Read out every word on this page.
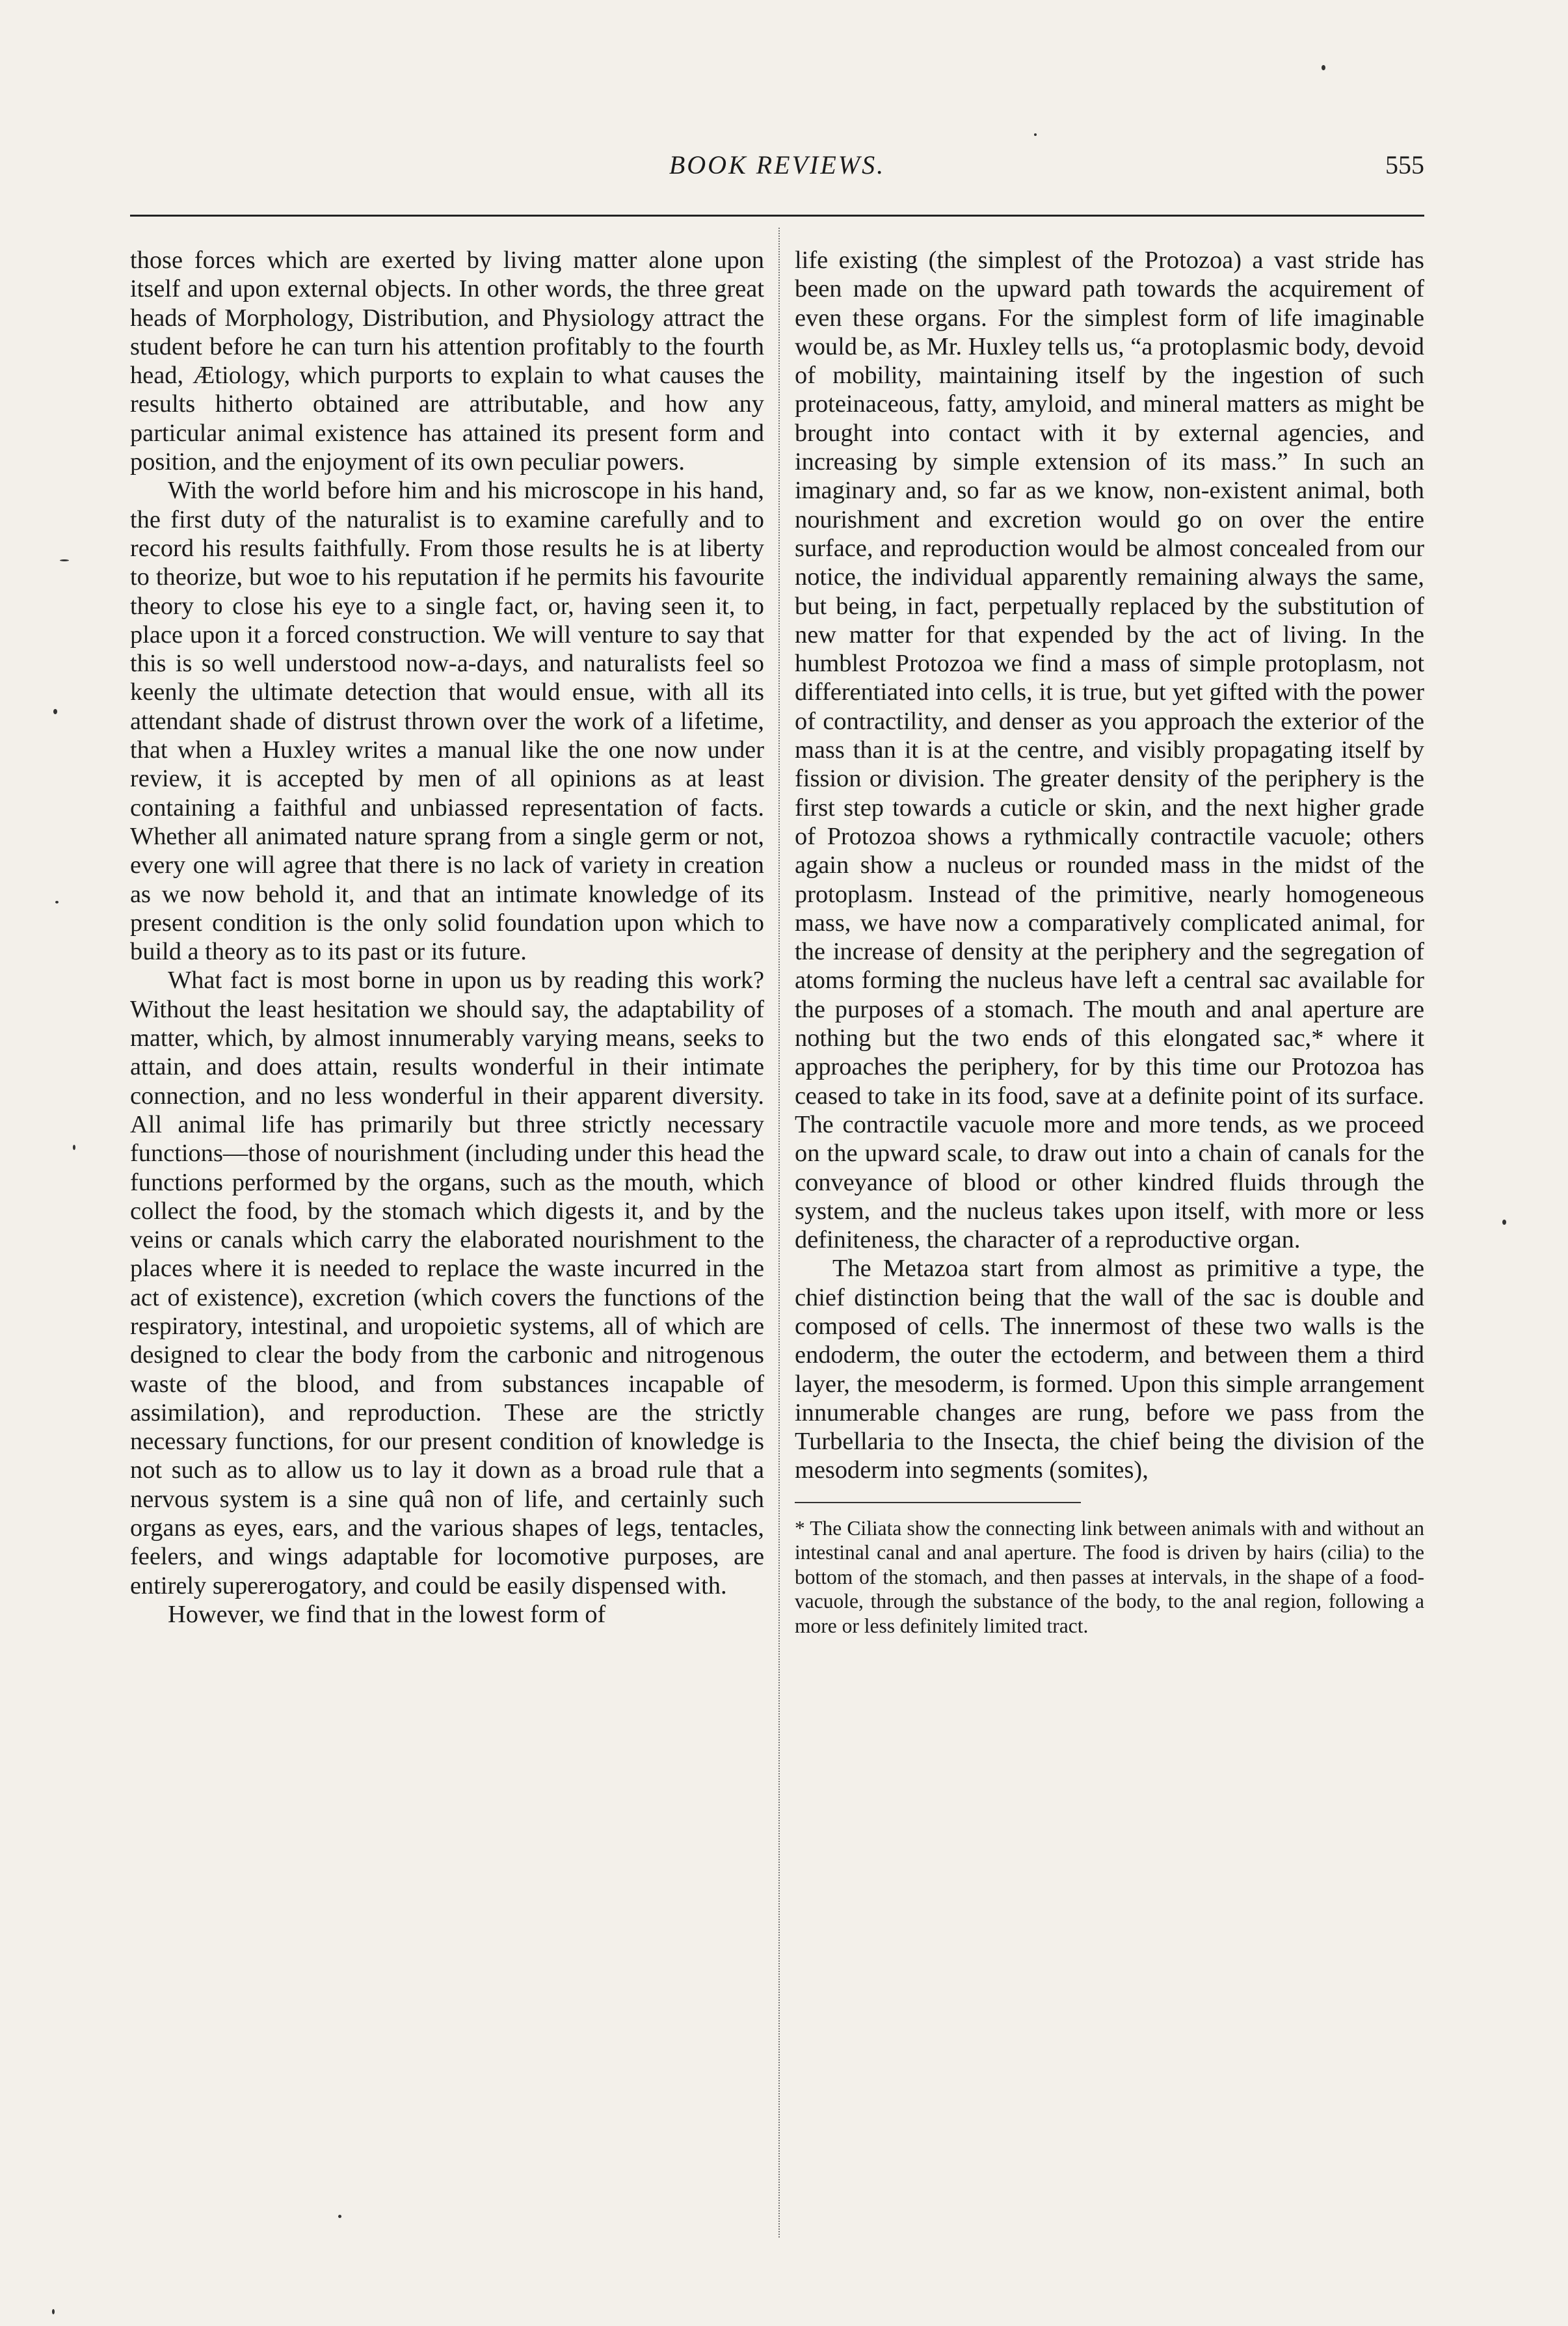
BOOK REVIEWS.	555

those forces which are exerted by living matter alone upon itself and upon external objects. In other words, the three great heads of Morphology, Distribution, and Physiology attract the student before he can turn his attention profitably to the fourth head, Ætiology, which purports to explain to what causes the results hitherto obtained are attributable, and how any particular animal existence has attained its present form and position, and the enjoyment of its own peculiar powers.

With the world before him and his microscope in his hand, the first duty of the naturalist is to examine carefully and to record his results faithfully. From those results he is at liberty to theorize, but woe to his reputation if he permits his favourite theory to close his eye to a single fact, or, having seen it, to place upon it a forced construction. We will venture to say that this is so well understood now-a-days, and naturalists feel so keenly the ultimate detection that would ensue, with all its attendant shade of distrust thrown over the work of a lifetime, that when a Huxley writes a manual like the one now under review, it is accepted by men of all opinions as at least containing a faithful and unbiassed representation of facts. Whether all animated nature sprang from a single germ or not, every one will agree that there is no lack of variety in creation as we now behold it, and that an intimate knowledge of its present condition is the only solid foundation upon which to build a theory as to its past or its future.

What fact is most borne in upon us by reading this work? Without the least hesitation we should say, the adaptability of matter, which, by almost innumerably varying means, seeks to attain, and does attain, results wonderful in their intimate connection, and no less wonderful in their apparent diversity. All animal life has primarily but three strictly necessary functions—those of nourishment (including under this head the functions performed by the organs, such as the mouth, which collect the food, by the stomach which digests it, and by the veins or canals which carry the elaborated nourishment to the places where it is needed to replace the waste incurred in the act of existence), excretion (which covers the functions of the respiratory, intestinal, and uropoietic systems, all of which are designed to clear the body from the carbonic and nitrogenous waste of the blood, and from substances incapable of assimilation), and reproduction. These are the strictly necessary functions, for our present condition of knowledge is not such as to allow us to lay it down as a broad rule that a nervous system is a sine quâ non of life, and certainly such organs as eyes, ears, and the various shapes of legs, tentacles, feelers, and wings adaptable for locomotive purposes, are entirely supererogatory, and could be easily dispensed with.

However, we find that in the lowest form of

life existing (the simplest of the Protozoa) a vast stride has been made on the upward path towards the acquirement of even these organs. For the simplest form of life imaginable would be, as Mr. Huxley tells us, “a protoplasmic body, devoid of mobility, maintaining itself by the ingestion of such proteinaceous, fatty, amyloid, and mineral matters as might be brought into contact with it by external agencies, and increasing by simple extension of its mass.” In such an imaginary and, so far as we know, non-existent animal, both nourishment and excretion would go on over the entire surface, and reproduction would be almost concealed from our notice, the individual apparently remaining always the same, but being, in fact, perpetually replaced by the substitution of new matter for that expended by the act of living. In the humblest Protozoa we find a mass of simple protoplasm, not differentiated into cells, it is true, but yet gifted with the power of contractility, and denser as you approach the exterior of the mass than it is at the centre, and visibly propagating itself by fission or division. The greater density of the periphery is the first step towards a cuticle or skin, and the next higher grade of Protozoa shows a rythmically contractile vacuole; others again show a nucleus or rounded mass in the midst of the protoplasm. Instead of the primitive, nearly homogeneous mass, we have now a comparatively complicated animal, for the increase of density at the periphery and the segregation of atoms forming the nucleus have left a central sac available for the purposes of a stomach. The mouth and anal aperture are nothing but the two ends of this elongated sac,* where it approaches the periphery, for by this time our Protozoa has ceased to take in its food, save at a definite point of its surface. The contractile vacuole more and more tends, as we proceed on the upward scale, to draw out into a chain of canals for the conveyance of blood or other kindred fluids through the system, and the nucleus takes upon itself, with more or less definiteness, the character of a reproductive organ.

The Metazoa start from almost as primitive a type, the chief distinction being that the wall of the sac is double and composed of cells. The innermost of these two walls is the endoderm, the outer the ectoderm, and between them a third layer, the mesoderm, is formed. Upon this simple arrangement innumerable changes are rung, before we pass from the Turbellaria to the Insecta, the chief being the division of the mesoderm into segments (somites),

* The Ciliata show the connecting link between animals with and without an intestinal canal and anal aperture. The food is driven by hairs (cilia) to the bottom of the stomach, and then passes at intervals, in the shape of a food-vacuole, through the substance of the body, to the anal region, following a more or less definitely limited tract.
